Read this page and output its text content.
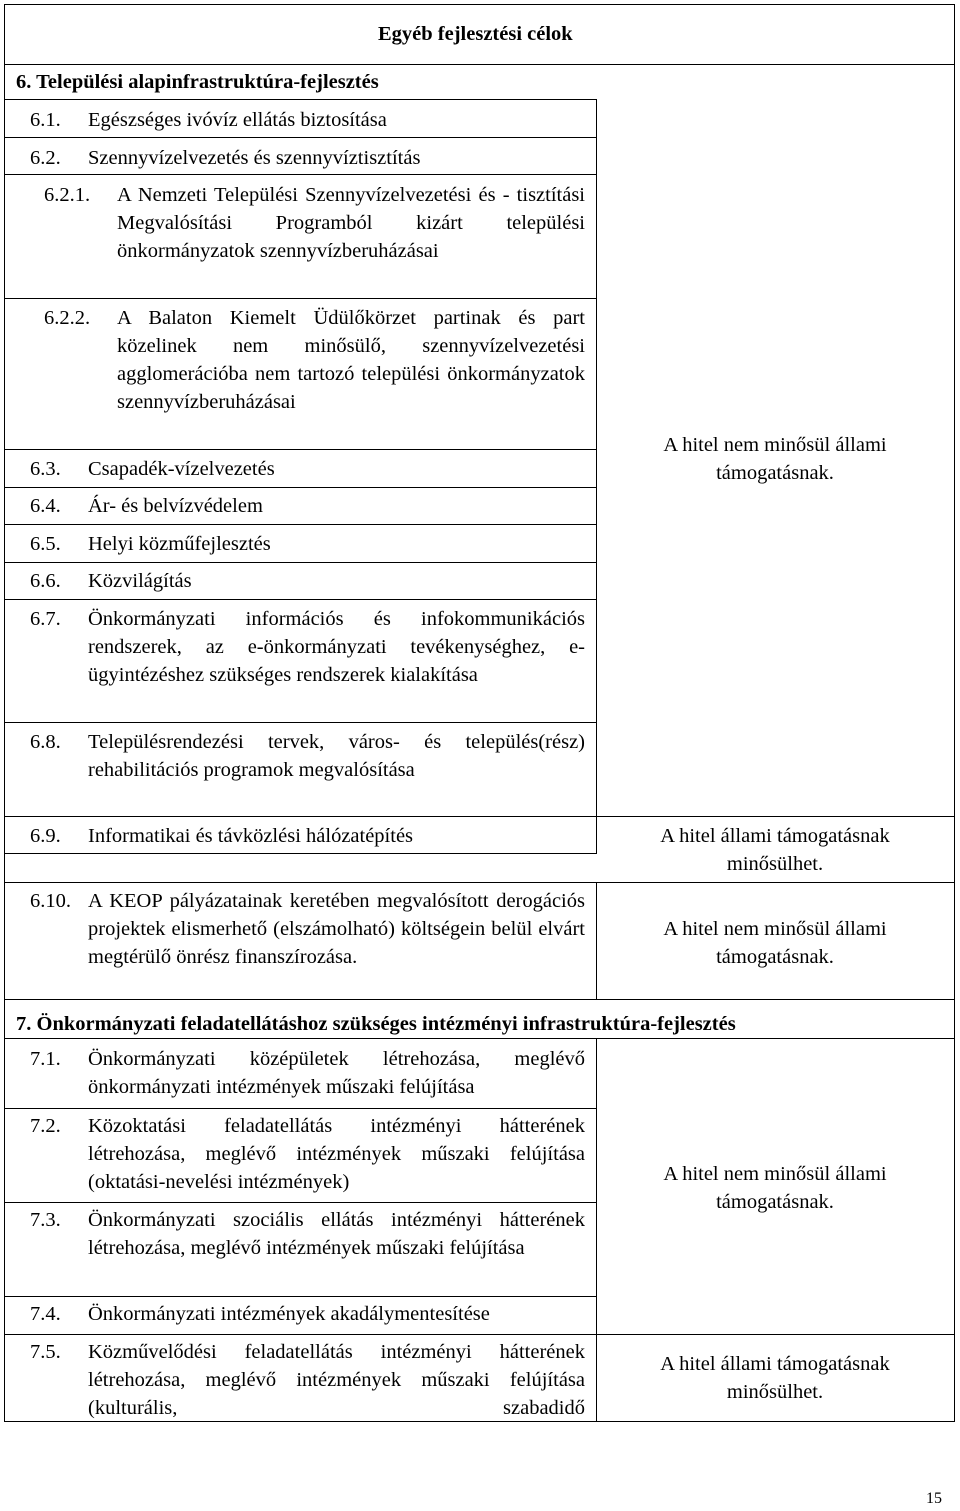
Egyéb fejlesztési célok
6. Települési alapinfrastruktúra-fejlesztés
6.1. Egészséges ivóvíz ellátás biztosítása
6.2. Szennyvízelvezetés és szennyvíztisztítás
6.2.1. A Nemzeti Települési Szennyvízelvezetési és - tisztítási Megvalósítási Programból kizárt települési önkormányzatok szennyvízberuházásai
6.2.2. A Balaton Kiemelt Üdülőkörzet partinak és part közelinek nem minősülő, szennyvízelvezetési agglomerációba nem tartozó települési önkormányzatok szennyvízberuházásai
6.3. Csapadék-vízelvezetés
6.4. Ár- és belvízvédelem
6.5. Helyi közműfejlesztés
6.6. Közvilágítás
6.7. Önkormányzati információs és infokommunikációs rendszerek, az e-önkormányzati tevékenységhez, e-ügyintézéshez szükséges rendszerek kialakítása
6.8. Településrendezési tervek, város- és település(rész) rehabilitációs programok megvalósítása
6.9. Informatikai és távközlési hálózatépítés
6.10. A KEOP pályázatainak keretében megvalósított derogációs projektek elismerhető (elszámolható) költségein belül elvárt megtérülő önrész finanszírozása.
7. Önkormányzati feladatellátáshoz szükséges intézményi infrastruktúra-fejlesztés
7.1. Önkormányzati középületek létrehozása, meglévő önkormányzati intézmények műszaki felújítása
7.2. Közoktatási feladatellátás intézményi hátterének létrehozása, meglévő intézmények műszaki felújítása (oktatási-nevelési intézmények)
7.3. Önkormányzati szociális ellátás intézményi hátterének létrehozása, meglévő intézmények műszaki felújítása
7.4. Önkormányzati intézmények akadálymentesítése
7.5. Közművelődési feladatellátás intézményi hátterének létrehozása, meglévő intézmények műszaki felújítása (kulturális, szabadidő
A hitel nem minősül állami támogatásnak.
A hitel állami támogatásnak minősülhet.
A hitel nem minősül állami támogatásnak.
A hitel nem minősül állami támogatásnak.
A hitel állami támogatásnak minősülhet.
15
